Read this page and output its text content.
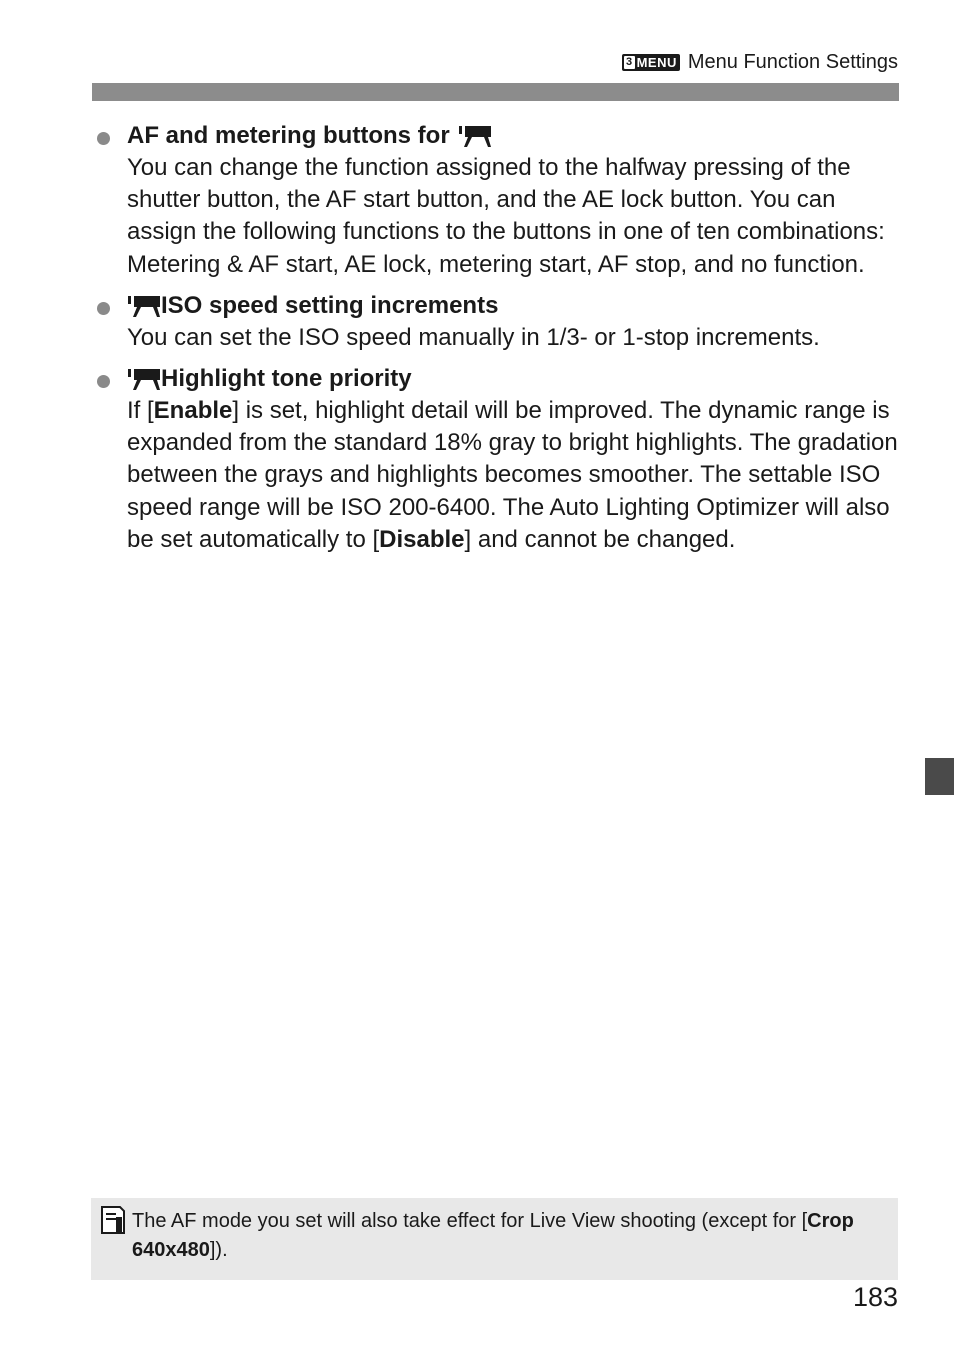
3 MENU Menu Function Settings
AF and metering buttons for
You can change the function assigned to the halfway pressing of the shutter button, the AF start button, and the AE lock button. You can assign the following functions to the buttons in one of ten combinations: Metering & AF start, AE lock, metering start, AF stop, and no function.
ISO speed setting increments
You can set the ISO speed manually in 1/3- or 1-stop increments.
Highlight tone priority
If [Enable] is set, highlight detail will be improved. The dynamic range is expanded from the standard 18% gray to bright highlights. The gradation between the grays and highlights becomes smoother. The settable ISO speed range will be ISO 200-6400. The Auto Lighting Optimizer will also be set automatically to [Disable] and cannot be changed.
The AF mode you set will also take effect for Live View shooting (except for [Crop 640x480]).
183
